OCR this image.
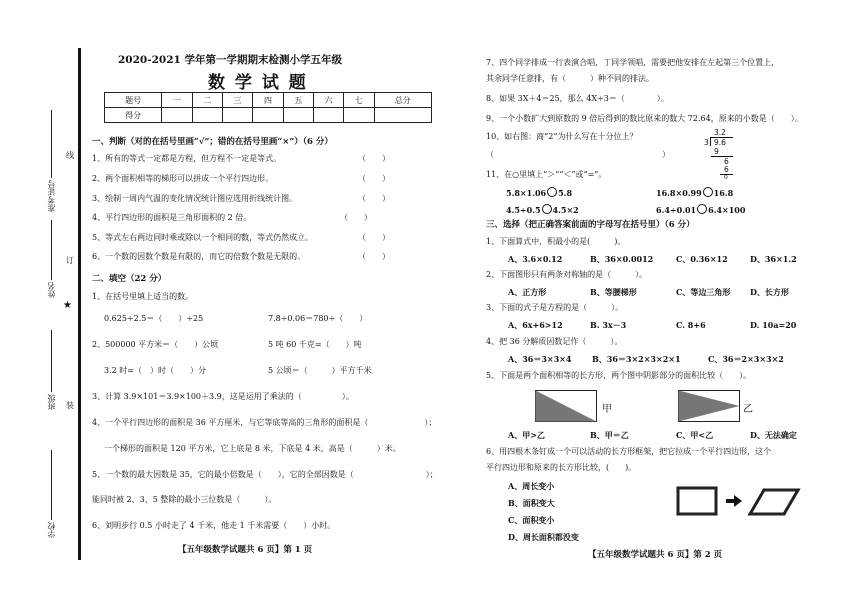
准考证号
姓名
班级
学校
线
订
★
装
2020-2021 学年第一学期期末检测小学五年级
数 学 试 题
题号	一	二	三	四	五	六	七	总分
得分								
一、判断（对的在括号里画“√”；错的在括号里画“×”）（6 分）
1、所有的等式一定都是方程，但方程不一定是等式。	（　　）
2、两个面积相等的梯形可以拼成一个平行四边形。	（　　）
3、绘制一周内气温的变化情况统计图应选用折线统计图。	（　　）
4、平行四边形的面积是三角形面积的 2 倍。	（　　）
5、等式左右两边同时乘或除以一个相同的数，等式仍然成立。	（　　）
6、一个数的因数个数是有限的，而它的倍数个数是无限的。	（　　）
二、填空（22 分）
1、在括号里填上适当的数。
0.625÷2.5＝（　　）÷25	7.8÷0.06＝780÷（　　）
2、500000 平方米＝（　　）公顷	5 吨 60 千克=（　　）吨
3.2 时=（　）时（　　）分	5 公顷＝（　　　）平方千米
3、计算 3.9×101＝3.9×100＋3.9，这是运用了乘法的（　　　　　）。
4、一个平行四边形的面积是 36 平方厘米，与它等底等高的三角形的面积是（　　　　　　　）；
一个梯形的面积是 120 平方米，它上底是 8 米，下底是 4 米，高是（　　　）米。
5、一个数的最大因数是 35，它的最小倍数是（　　），它的全部因数是（　　　　　　　　　）；
能同时被 2、3、5 整除的最小三位数是（　　　）。
6、刘明步行 0.5 小时走了 4 千米，他走 1 千米需要（　　）小时。
【五年级数学试题共 6 页】第 1 页
7、四个同学排成一行表演合唱，丁同学领唱，需要把他安排在左起第三个位置上，
其余同学任意排，有（　　　）种不同的排法。
8、如果 3X＋4＝25，那么 4X÷3＝（　　　　）。
9、一个小数扩大到原数的 9 倍后得到的数比原来的数大 72.64，原来的小数是（　　）。
10、如右图：商“2”为什么写在十分位上？
（　　　　　　　　　　　　　　　　　　　　　）
3.2
3 9.6
9
6
6
0
11、在○里填上“＞”“＜”或“=”。
5.8×1.06 5.8	16.8×0.99 16.8
4.5÷0.5 4.5×2	6.4÷0.01 6.4×100
三、选择（把正确答案前面的字母写在括号里）（6 分）
1、下面算式中，积最小的是(　　　)。
A、3.6×0.12	B、36×0.0012	C、0.36×12	D、36×1.2
2、下面图形只有两条对称轴的是（　　　）。
A、正方形	B、等腰梯形	C、等边三角形 D、长方形
3、下面的式子是方程的是（　　　）。
A、6x+6>12	B. 3x－3	C. 8+6	D. 10a=20
4、把 36 分解质因数记作（　　　）。
A、36＝3×3×4	B、36＝3×2×3×2×1	C、36＝2×3×3×2
5、下面是两个面积相等的长方形，两个图中阴影部分的面积比较（　　）。
甲	乙
A、甲>乙	B、甲＝乙	C、甲<乙	D、无法确定
6、用四根木条钉成一个可以活动的长方形框架，把它拉成一个平行四边形，这个
平行四边形和原来的长方形比较，(　　)。
A、周长变小
B、面积变大
C、面积变小
D、周长面积都没变
【五年级数学试题共 6 页】第 2 页
